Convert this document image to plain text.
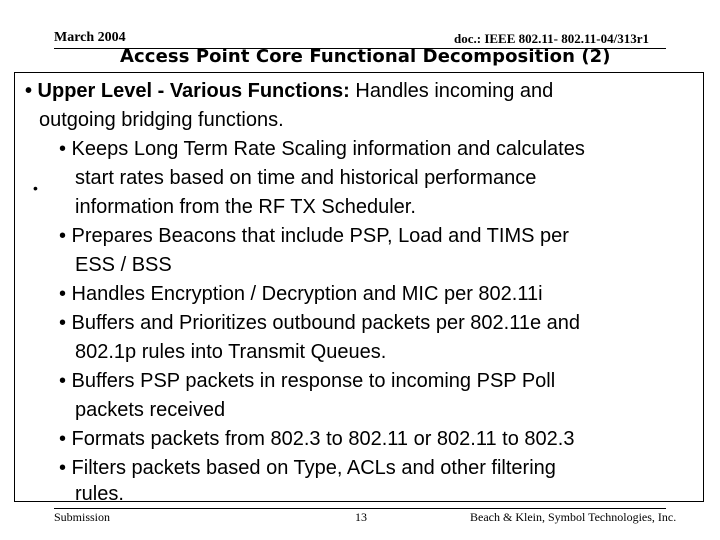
March 2004	doc.: IEEE 802.11- 802.11-04/313r1
Access Point Core Functional Decomposition (2)
• Upper Level - Various Functions: Handles incoming and
outgoing bridging functions.
•
• Keeps Long Term Rate Scaling information and calculates
start rates based on time and historical performance
information from the RF TX Scheduler.
• Prepares Beacons that include PSP, Load and TIMS per
ESS / BSS
• Handles Encryption / Decryption and MIC per 802.11i
• Buffers and Prioritizes outbound packets per 802.11e and
802.1p rules into Transmit Queues.
• Buffers PSP packets in response to incoming PSP Poll
packets received
• Formats packets from 802.3 to 802.11 or 802.11 to 802.3
• Filters packets based on Type, ACLs and other filtering
rules.
Submission	13	Beach & Klein, Symbol Technologies, Inc.
